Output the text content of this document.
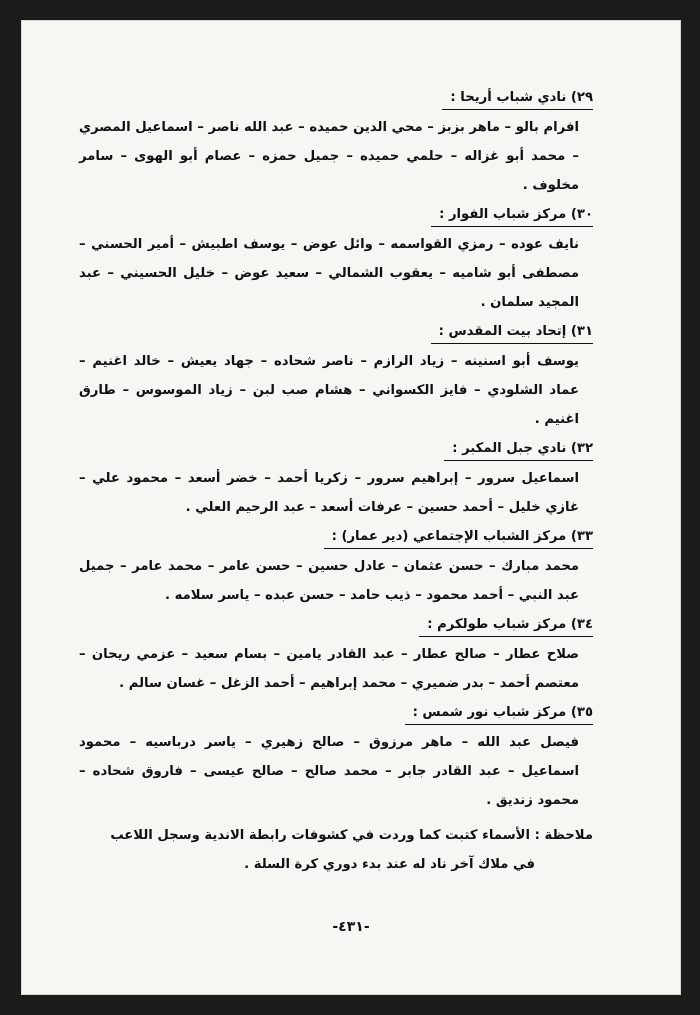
٢٩) نادي شباب أريحا :

افرام بالو – ماهر بزبز – محي الدين حميده – عبد الله ناصر – اسماعيل المصري – محمد أبو غزاله – حلمي حميده – جميل حمزه – عصام أبو الهوى – سامر مخلوف .

٣٠) مركز شباب الفوار :

نايف عوده – رمزي القواسمه – وائل عوض – يوسف اطبيش – أمير الحسني – مصطفى أبو شاميه – يعقوب الشمالي – سعيد عوض – خليل الحسيني – عبد المجيد سلمان .

٣١) إتحاد بيت المقدس :

يوسف أبو اسنينه – زياد الرازم – ناصر شحاده – جهاد يعيش – خالد اغنيم – عماد الشلودي – فايز الكسواني – هشام صب لبن – زياد الموسوس – طارق اغنيم .

٣٢) نادي جبل المكبر :

اسماعيل سرور – إبراهيم سرور – زكريا أحمد – خضر أسعد – محمود علي – غازي خليل – أحمد حسين – عرفات أسعد – عبد الرحيم العلي .

٣٣) مركز الشباب الإجتماعي (دير عمار) :

محمد مبارك – حسن عثمان – عادل حسين – حسن عامر – محمد عامر – جميل عبد النبي – أحمد محمود – ذيب حامد – حسن عبده – ياسر سلامه .

٣٤) مركز شباب طولكرم :

صلاح عطار – صالح عطار – عبد القادر يامين – بسام سعيد – عزمي ريحان – معتصم أحمد – بدر ضميري – محمد إبراهيم – أحمد الزغل – غسان سالم .

٣٥) مركز شباب نور شمس :

فيصل عبد الله – ماهر مرزوق – صالح زهيري – ياسر درباسيه – محمود اسماعيل – عبد القادر جابر – محمد صالح – صالح عيسى – فاروق شحاده – محمود زنديق .

ملاحظة : الأسماء كتبت كما وردت في كشوفات رابطة الاندية وسجل اللاعب
في ملاك آخر ناد له عند بدء دوري كرة السلة .
-٤٣١-
